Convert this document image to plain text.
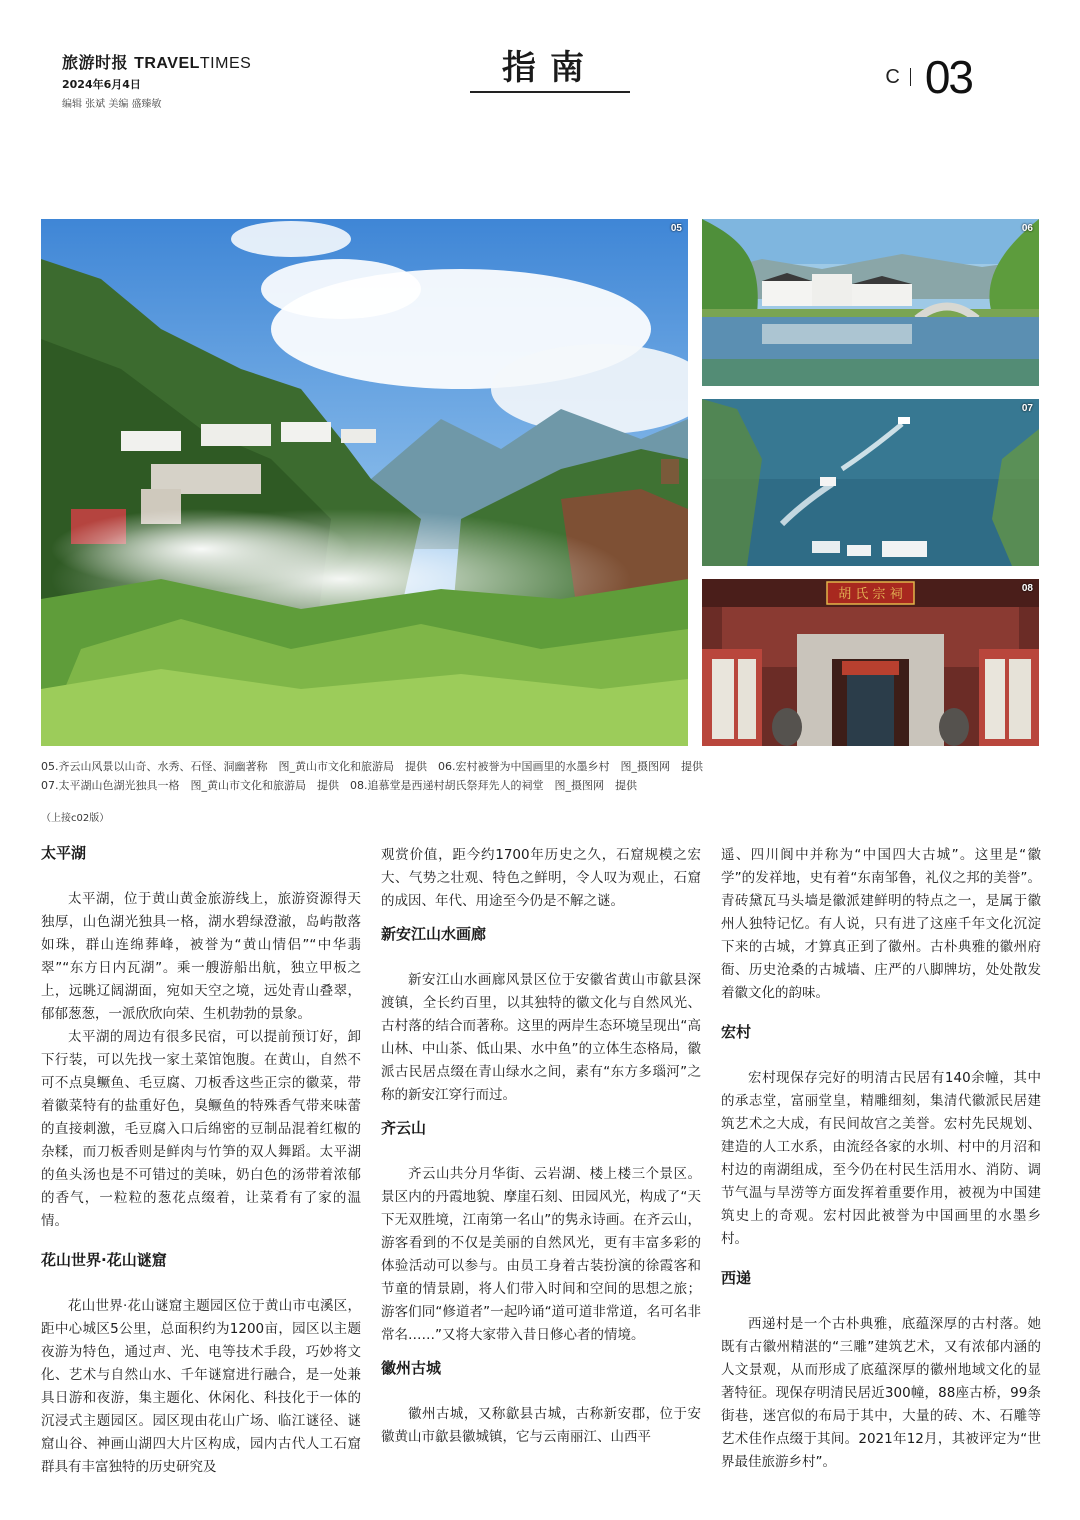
旅游时报 TRAVELTIMES
2024年6月4日
编辑 张斌 美编 盛臻敏
指南	C 03
05	06
07
胡 氏 宗 祠	08
05.齐云山风景以山奇、水秀、石怪、洞幽著称　图_黄山市文化和旅游局　提供　06.宏村被誉为中国画里的水墨乡村　图_摄图网　提供
07.太平湖山色湖光独具一格　图_黄山市文化和旅游局　提供　08.追慕堂是西递村胡氏祭拜先人的祠堂　图_摄图网　提供
（上接c02版）
太平湖

太平湖，位于黄山黄金旅游线上，旅游资源得天独厚，山色湖光独具一格，湖水碧绿澄澈，岛屿散落如珠，群山连绵葬峰，被誉为“黄山情侣”“中华翡翠”“东方日内瓦湖”。乘一艘游船出航，独立甲板之上，远眺辽阔湖面，宛如天空之境，远处青山叠翠，郁郁葱葱，一派欣欣向荣、生机勃勃的景象。

太平湖的周边有很多民宿，可以提前预订好，卸下行装，可以先找一家土菜馆饱腹。在黄山，自然不可不点臭鳜鱼、毛豆腐、刀板香这些正宗的徽菜，带着徽菜特有的盐重好色，臭鳜鱼的特殊香气带来味蕾的直接刺激，毛豆腐入口后绵密的豆制品混着红椒的杂糅，而刀板香则是鲜肉与竹笋的双人舞蹈。太平湖的鱼头汤也是不可错过的美味，奶白色的汤带着浓郁的香气，一粒粒的葱花点缀着，让菜肴有了家的温情。

花山世界·花山谜窟

花山世界·花山谜窟主题园区位于黄山市屯溪区，距中心城区5公里，总面积约为1200亩，园区以主题夜游为特色，通过声、光、电等技术手段，巧妙将文化、艺术与自然山水、千年谜窟进行融合，是一处兼具日游和夜游，集主题化、休闲化、科技化于一体的沉浸式主题园区。园区现由花山广场、临江谜径、谜窟山谷、神画山湖四大片区构成，园内古代人工石窟群具有丰富独特的历史研究及

观赏价值，距今约1700年历史之久，石窟规模之宏大、气势之壮观、特色之鲜明，令人叹为观止，石窟的成因、年代、用途至今仍是不解之谜。

新安江山水画廊

新安江山水画廊风景区位于安徽省黄山市歙县深渡镇，全长约百里，以其独特的徽文化与自然风光、古村落的结合而著称。这里的两岸生态环境呈现出“高山林、中山茶、低山果、水中鱼”的立体生态格局，徽派古民居点缀在青山绿水之间，素有“东方多瑙河”之称的新安江穿行而过。

齐云山

齐云山共分月华街、云岩湖、楼上楼三个景区。景区内的丹霞地貌、摩崖石刻、田园风光，构成了“天下无双胜境，江南第一名山”的隽永诗画。在齐云山，游客看到的不仅是美丽的自然风光，更有丰富多彩的体验活动可以参与。由员工身着古装扮演的徐霞客和节童的情景剧，将人们带入时间和空间的思想之旅；游客们同“修道者”一起吟诵“道可道非常道，名可名非常名……”又将大家带入昔日修心者的情境。

徽州古城

徽州古城，又称歙县古城，古称新安郡，位于安徽黄山市歙县徽城镇，它与云南丽江、山西平

遥、四川阆中并称为“中国四大古城”。这里是“徽学”的发祥地，史有着“东南邹鲁，礼仪之邦的美誉”。青砖黛瓦马头墙是徽派建鲜明的特点之一，是属于徽州人独特记忆。有人说，只有进了这座千年文化沉淀下来的古城，才算真正到了徽州。古朴典雅的徽州府衙、历史沧桑的古城墙、庄严的八脚牌坊，处处散发着徽文化的韵味。

宏村

宏村现保存完好的明清古民居有140余幢，其中的承志堂，富丽堂皇，精雕细刻，集清代徽派民居建筑艺术之大成，有民间故宫之美誉。宏村先民规划、建造的人工水系，由流经各家的水圳、村中的月沼和村边的南湖组成，至今仍在村民生活用水、消防、调节气温与旱涝等方面发挥着重要作用，被视为中国建筑史上的奇观。宏村因此被誉为中国画里的水墨乡村。

西递

西递村是一个古朴典雅，底蕴深厚的古村落。她既有古徽州精湛的“三雕”建筑艺术，又有浓郁内涵的人文景观，从而形成了底蕴深厚的徽州地域文化的显著特征。现保存明清民居近300幢，88座古桥，99条街巷，迷宫似的布局于其中，大量的砖、木、石雕等艺术佳作点缀于其间。2021年12月，其被评定为“世界最佳旅游乡村”。
